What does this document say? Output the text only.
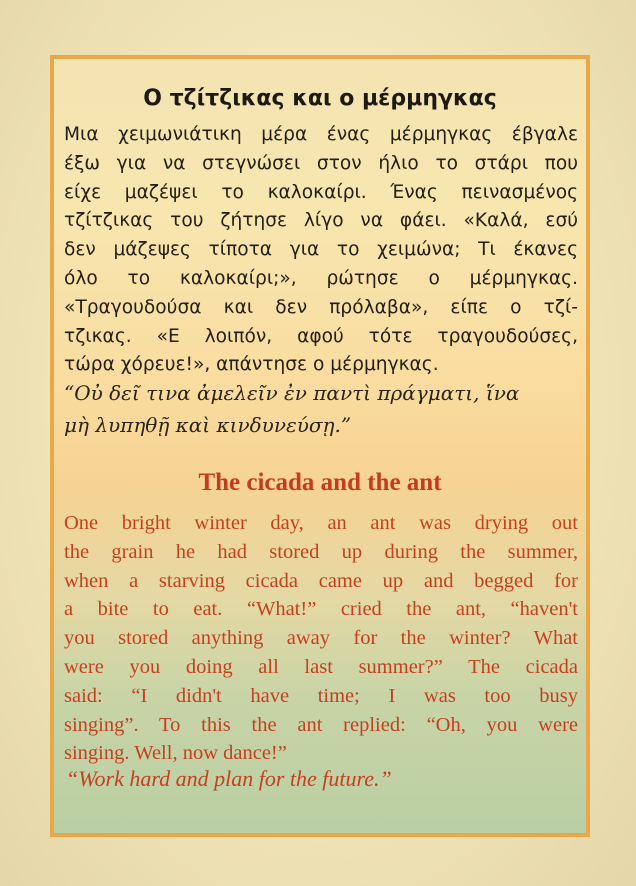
Ο τζίτζικας και ο μέρμηγκας
Μια χειμωνιάτικη μέρα ένας μέρμηγκας έβγαλε
έξω για να στεγνώσει στον ήλιο το στάρι που
είχε μαζέψει το καλοκαίρι. Ένας πεινασμένος
τζίτζικας του ζήτησε λίγο να φάει. «Καλά, εσύ
δεν μάζεψες τίποτα για το χειμώνα; Τι έκανες
όλο το καλοκαίρι;», ρώτησε ο μέρμηγκας.
«Τραγουδούσα και δεν πρόλαβα», είπε ο τζί-
τζικας. «Ε λοιπόν, αφού τότε τραγουδούσες,
τώρα χόρευε!», απάντησε ο μέρμηγκας.
“Οὐ δεῖ τινα ἀμελεῖν ἐν παντὶ πράγματι, ἵνα
μὴ λυπηθῇ καὶ κινδυνεύσῃ.”
The cicada and the ant
One bright winter day, an ant was drying out
the grain he had stored up during the summer,
when a starving cicada came up and begged for
a bite to eat. “What!” cried the ant, “haven't
you stored anything away for the winter? What
were you doing all last summer?” The cicada
said: “I didn't have time; I was too busy
singing”. To this the ant replied: “Oh, you were
singing. Well, now dance!”
“Work hard and plan for the future.”
